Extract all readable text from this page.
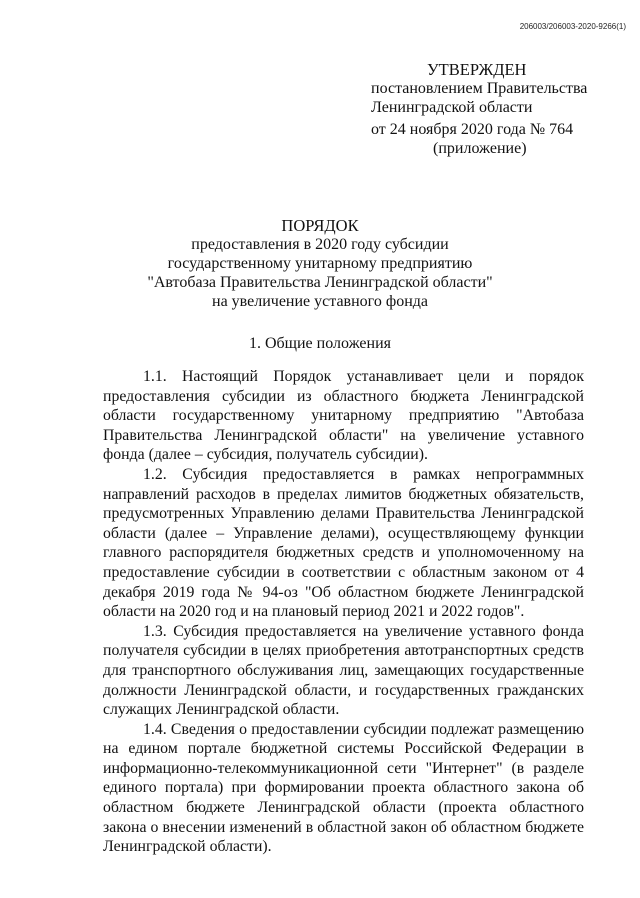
206003/206003-2020-9266(1)
УТВЕРЖДЕН
постановлением Правительства
Ленинградской области
от 24 ноября 2020 года № 764
(приложение)
ПОРЯДОК
предоставления в 2020 году субсидии
государственному унитарному предприятию
"Автобаза Правительства Ленинградской области"
на увеличение уставного фонда
1. Общие положения

1.1. Настоящий Порядок устанавливает цели и порядок предоставления субсидии из областного бюджета Ленинградской области государственному унитарному предприятию "Автобаза Правительства Ленинградской области" на увеличение уставного фонда (далее – субсидия, получатель субсидии).

1.2. Субсидия предоставляется в рамках непрограммных направлений расходов в пределах лимитов бюджетных обязательств, предусмотренных Управлению делами Правительства Ленинградской области (далее – Управление делами), осуществляющему функции главного распорядителя бюджетных средств и уполномоченному на предоставление субсидии в соответствии с областным законом от 4 декабря 2019 года № 94-оз "Об областном бюджете Ленинградской области на 2020 год и на плановый период 2021 и 2022 годов".

1.3. Субсидия предоставляется на увеличение уставного фонда получателя субсидии в целях приобретения автотранспортных средств для транспортного обслуживания лиц, замещающих государственные должности Ленинградской области, и государственных гражданских служащих Ленинградской области.

1.4. Сведения о предоставлении субсидии подлежат размещению на едином портале бюджетной системы Российской Федерации в информационно-телекоммуникационной сети "Интернет" (в разделе единого портала) при формировании проекта областного закона об областном бюджете Ленинградской области (проекта областного закона о внесении изменений в областной закон об областном бюджете Ленинградской области).
